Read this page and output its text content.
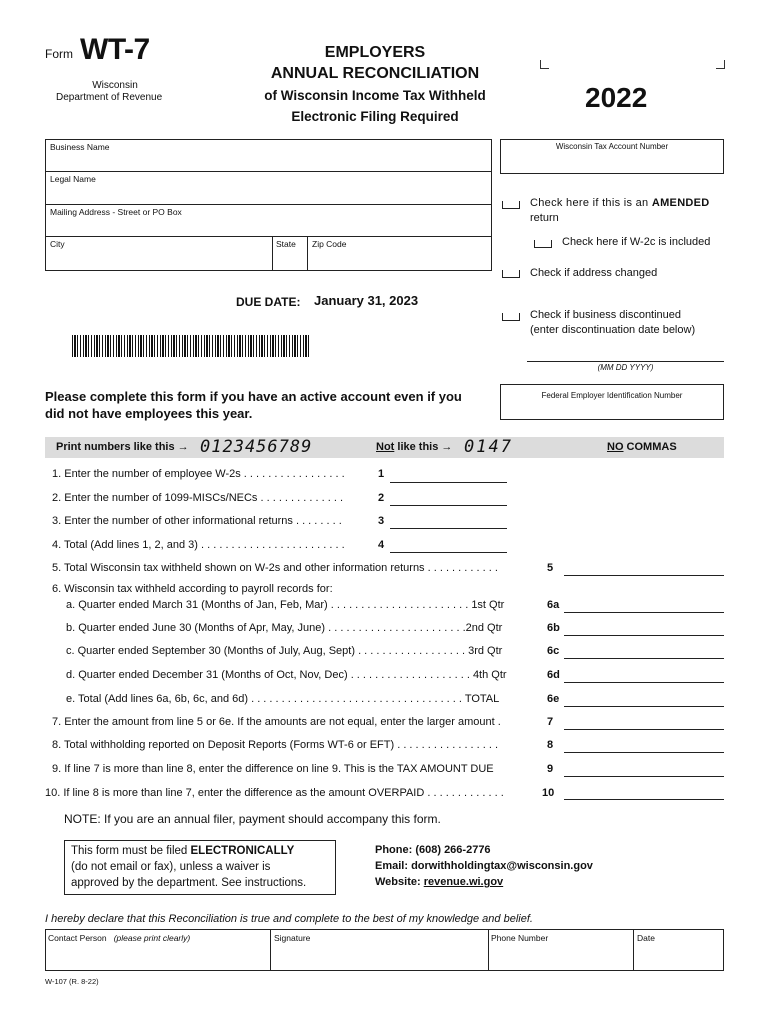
Form WT-7
Wisconsin
Department of Revenue
EMPLOYERS
ANNUAL RECONCILIATION
of Wisconsin Income Tax Withheld
Electronic Filing Required
2022
Business Name
Legal Name
Mailing Address - Street or PO Box
City	State Zip Code
Wisconsin Tax Account Number
Check here if this is an AMENDED
return
Check here if W-2c is included
Check if address changed
Check if business discontinued
(enter discontinuation date below)
(MM DD YYYY)
DUE DATE: January 31, 2023
Federal Employer Identification Number
Please complete this form if you have an active account even if you
did not have employees this year.
Print numbers like this → 0123456789	Not like this → 0147	NO COMMAS
1. Enter the number of employee W-2s . . . . . . . . . . . . . . . . .	1
2. Enter the number of 1099-MISCs/NECs . . . . . . . . . . . . . .	2
3. Enter the number of other informational returns . . . . . . . .	3
4. Total (Add lines 1, 2, and 3) . . . . . . . . . . . . . . . . . . . . . . . .	4
5. Total Wisconsin tax withheld shown on W-2s and other information returns . . . . . . . . . . . .	5
6. Wisconsin tax withheld according to payroll records for:
a. Quarter ended March 31 (Months of Jan, Feb, Mar) . . . . . . . . . . . . . . . . . . . . . . . 1st Qtr	6a
b. Quarter ended June 30 (Months of Apr, May, June) . . . . . . . . . . . . . . . . . . . . . . .2nd Qtr	6b
c. Quarter ended September 30 (Months of July, Aug, Sept) . . . . . . . . . . . . . . . . . . 3rd Qtr	6c
d. Quarter ended December 31 (Months of Oct, Nov, Dec) . . . . . . . . . . . . . . . . . . . . 4th Qtr	6d
e. Total (Add lines 6a, 6b, 6c, and 6d) . . . . . . . . . . . . . . . . . . . . . . . . . . . . . . . . . . . TOTAL	6e
7. Enter the amount from line 5 or 6e. If the amounts are not equal, enter the larger amount .	7
8. Total withholding reported on Deposit Reports (Forms WT-6 or EFT) . . . . . . . . . . . . . . . . .	8
9. If line 7 is more than line 8, enter the difference on line 9. This is the TAX AMOUNT DUE	9
10. If line 8 is more than line 7, enter the difference as the amount OVERPAID . . . . . . . . . . . . .	10
NOTE: If you are an annual filer, payment should accompany this form.
This form must be filed ELECTRONICALLY
(do not email or fax), unless a waiver is
approved by the department. See instructions.
Phone: (608) 266-2776
Email: dorwithholdingtax@wisconsin.gov
Website: revenue.wi.gov
I hereby declare that this Reconciliation is true and complete to the best of my knowledge and belief.
Contact Person (please print clearly)	Signature	Phone Number	Date
W-107 (R. 8-22)
